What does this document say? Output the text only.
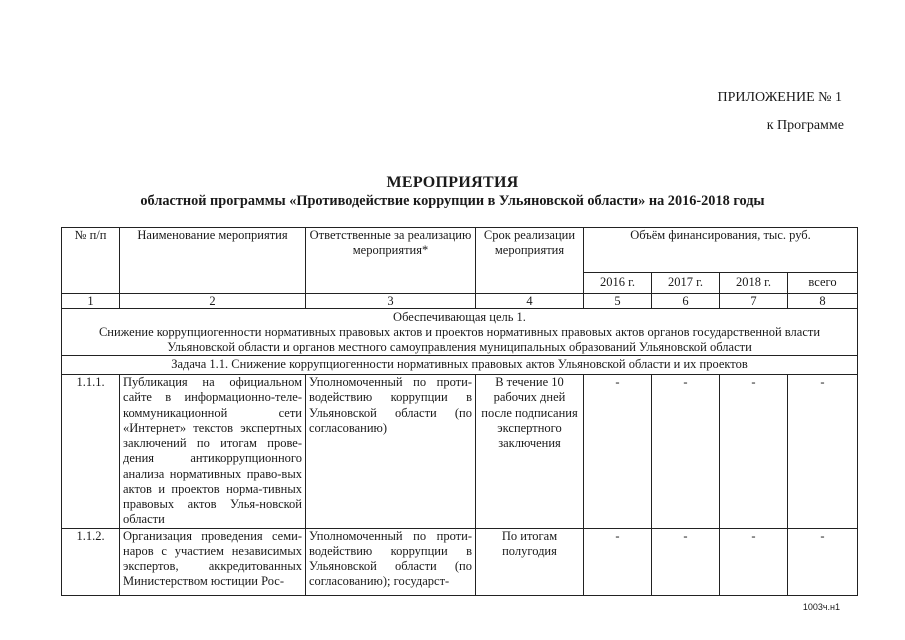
ПРИЛОЖЕНИЕ № 1
к Программе
МЕРОПРИЯТИЯ
областной программы «Противодействие коррупции в Ульяновской области» на 2016-2018 годы
№ п/п	Наименование мероприятия	Ответственные за реализацию мероприятия*	Срок реализации мероприятия	Объём финансирования, тыс. руб.			
				2016 г.	2017 г.	2018 г.	всего
1	2	3	4	5	6	7	8

Обеспечивающая цель 1.
Снижение коррупциогенности нормативных правовых актов и проектов нормативных правовых актов органов государственной власти Ульяновской области и органов местного самоуправления муниципальных образований Ульяновской области							

Задача 1.1. Снижение коррупциогенности нормативных правовых актов Ульяновской области и их проектов							
1.1.1.	Публикация на официальном сайте в информационно-теле-коммуникационной сети «Интернет» текстов экспертных заключений по итогам прове-дения антикоррупционного анализа нормативных право-вых актов и проектов норма-тивных правовых актов Улья-новской области	Уполномоченный по проти-водействию коррупции в Ульяновской области (по согласованию)	В течение 10 рабочих дней после подписания экспертного заключения	-	-	-	-
1.1.2.	Организация проведения семи-наров с участием независимых экспертов, аккредитованных Министерством юстиции Рос-	Уполномоченный по проти-водействию коррупции в Ульяновской области (по согласованию); государст-	По итогам полугодия	-	-	-	-
1003ч.н1
